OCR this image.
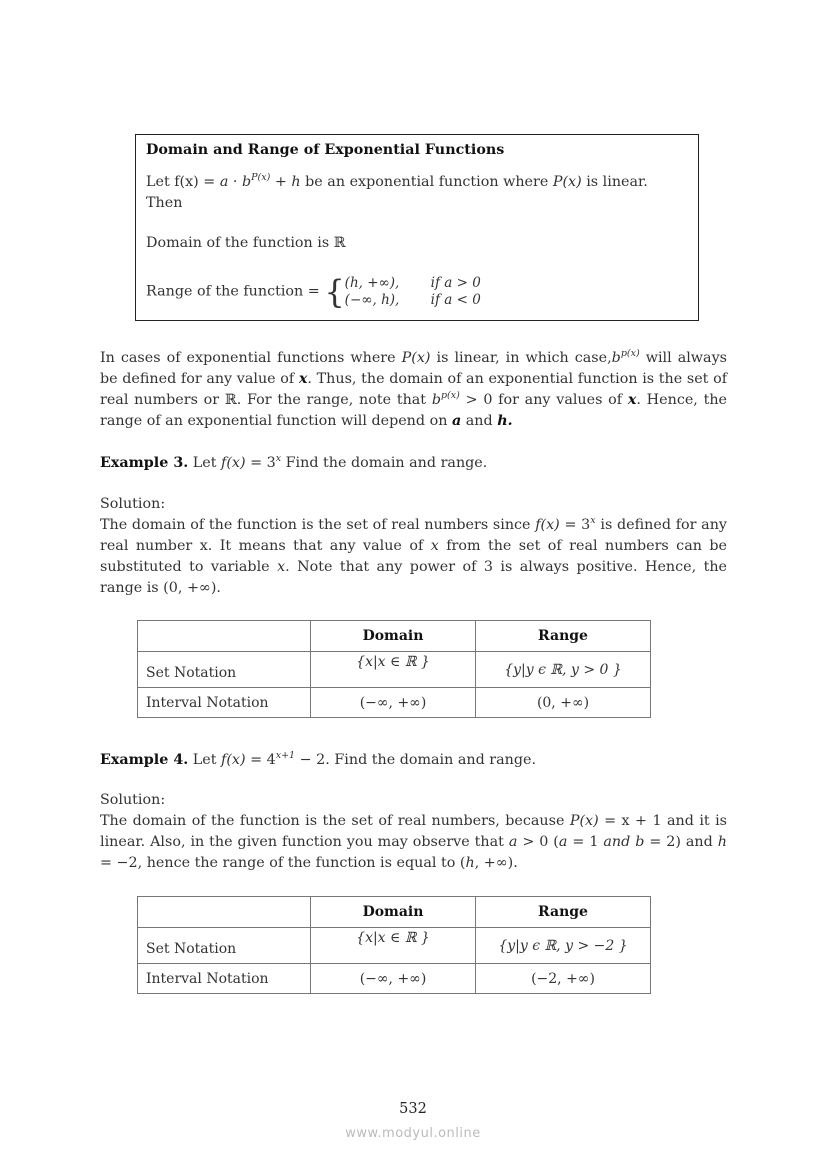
Domain and Range of Exponential Functions
Let $f(x) = a \cdot b^{P(x)} + h$ be an exponential function where P(x) is linear. Then
Domain of the function is ℝ
Range of the function = { (h, +∞), if a > 0
(−∞, h), if a < 0
In cases of exponential functions where P(x) is linear, in which $case,b^{p(x)}$ will always be defined for any value of x. Thus, the domain of an exponential function is the set of real numbers or ℝ. For the range, note that $b^{p(x)} > 0$ for any values of x. Hence, the range of an exponential function will depend on a and h.
Example 3. Let $f(x) = 3^x$ Find the domain and range.
Solution:
The domain of the function is the set of real numbers since $f(x) = 3^x$ is defined for any real number x. It means that any value of x from the set of real numbers can be substituted to variable x. Note that any power of 3 is always positive. Hence, the range is (0, +∞).
	Domain	Range
Set Notation	{x|x ∈ ℝ }	{y|y ϵ ℝ, y > 0 }
Interval Notation	(−∞, +∞)	(0, +∞)
Example 4. Let $f(x) = 4^{x+1} - 2$. Find the domain and range.
Solution:
The domain of the function is the set of real numbers, because P(x) = x + 1 and it is linear. Also, in the given function you may observe that a > 0 (a = 1 and b = 2) and h = −2, hence the range of the function is equal to (h, +∞).
	Domain	Range
Set Notation	{x|x ∈ ℝ }	{y|y ϵ ℝ, y > −2 }
Interval Notation	(−∞, +∞)	(−2, +∞)
532
www.modyul.online
